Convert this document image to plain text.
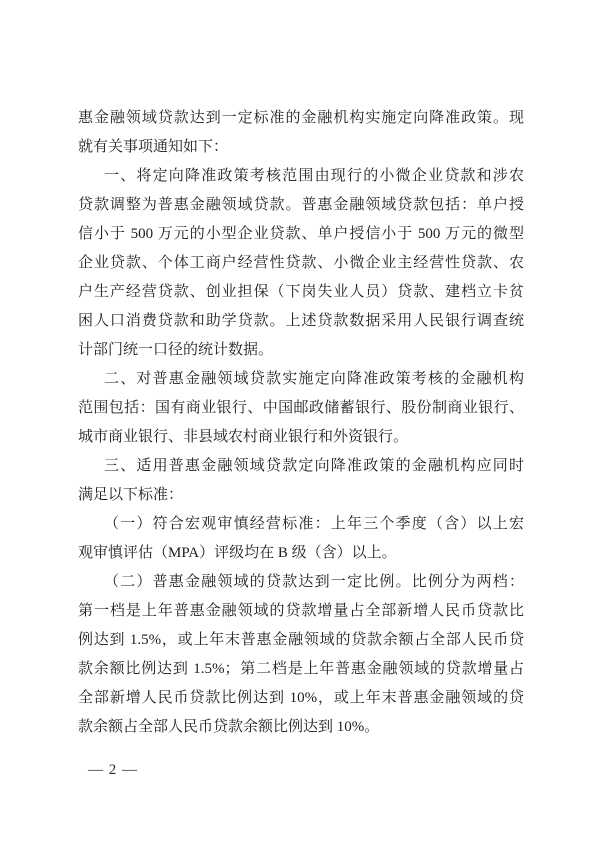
惠金融领域贷款达到一定标准的金融机构实施定向降准政策。现
就有关事项通知如下：
一、将定向降准政策考核范围由现行的小微企业贷款和涉农
贷款调整为普惠金融领域贷款。普惠金融领域贷款包括：单户授
信小于 500 万元的小型企业贷款、单户授信小于 500 万元的微型
企业贷款、个体工商户经营性贷款、小微企业主经营性贷款、农
户生产经营贷款、创业担保（下岗失业人员）贷款、建档立卡贫
困人口消费贷款和助学贷款。上述贷款数据采用人民银行调查统
计部门统一口径的统计数据。
二、对普惠金融领域贷款实施定向降准政策考核的金融机构
范围包括：国有商业银行、中国邮政储蓄银行、股份制商业银行、
城市商业银行、非县域农村商业银行和外资银行。
三、适用普惠金融领域贷款定向降准政策的金融机构应同时
满足以下标准：
（一）符合宏观审慎经营标准：上年三个季度（含）以上宏
观审慎评估（MPA）评级均在 B 级（含）以上。
（二）普惠金融领域的贷款达到一定比例。比例分为两档：
第一档是上年普惠金融领域的贷款增量占全部新增人民币贷款比
例达到 1.5%，或上年末普惠金融领域的贷款余额占全部人民币贷
款余额比例达到 1.5%；第二档是上年普惠金融领域的贷款增量占
全部新增人民币贷款比例达到 10%，或上年末普惠金融领域的贷
款余额占全部人民币贷款余额比例达到 10%。
— 2 —
